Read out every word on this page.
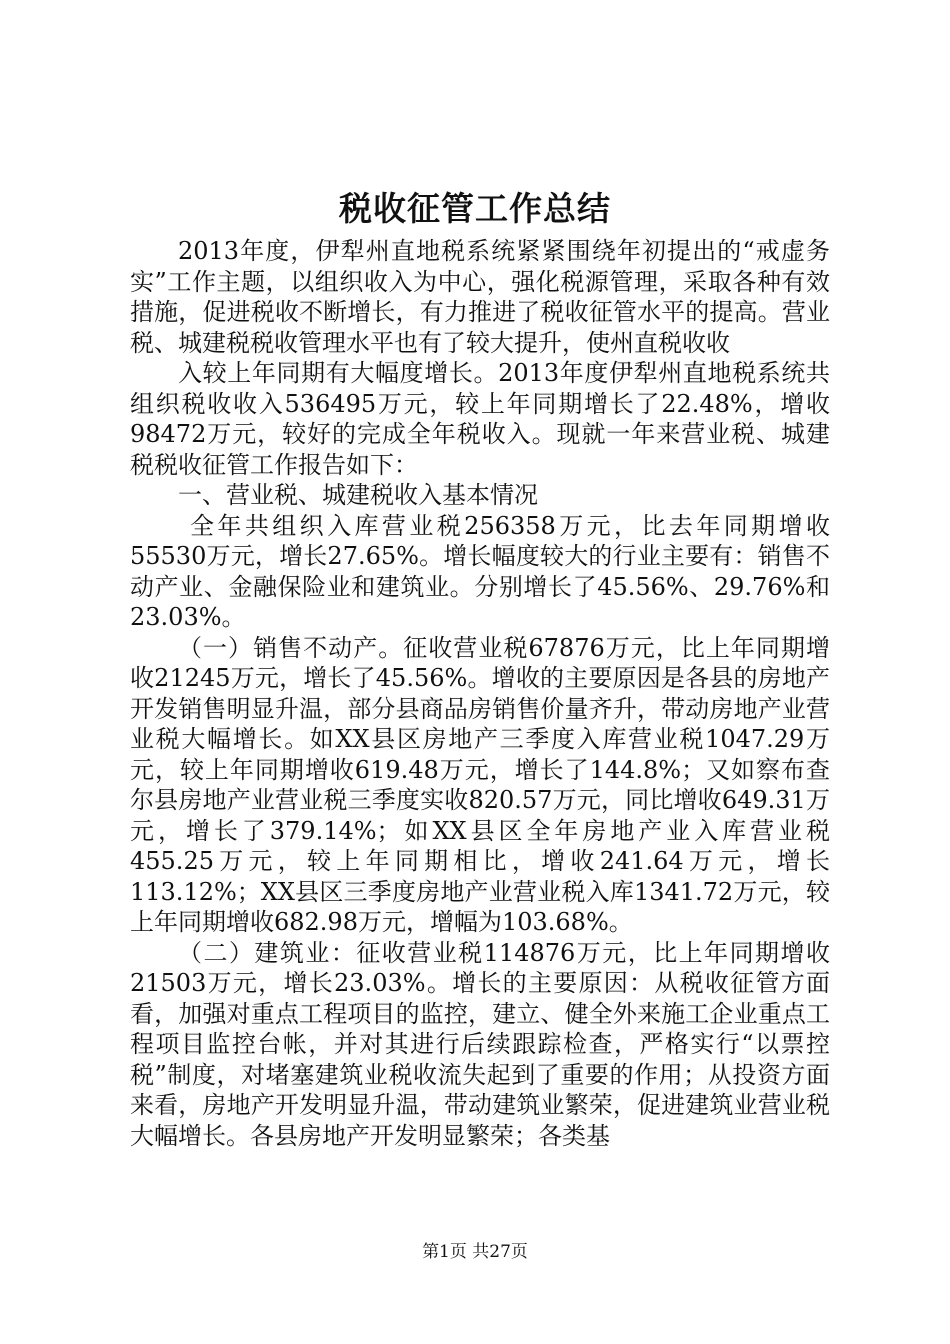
税收征管工作总结

2013年度，伊犁州直地税系统紧紧围绕年初提出的“戒虚务实”工作主题，以组织收入为中心，强化税源管理，采取各种有效措施，促进税收不断增长，有力推进了税收征管水平的提高。营业税、城建税税收管理水平也有了较大提升，使州直税收收

入较上年同期有大幅度增长。2013年度伊犁州直地税系统共组织税收收入536495万元，较上年同期增长了22.48%，增收98472万元，较好的完成全年税收入。现就一年来营业税、城建税税收征管工作报告如下：

一、营业税、城建税收入基本情况

全年共组织入库营业税256358万元，比去年同期增收55530万元，增长27.65%。增长幅度较大的行业主要有：销售不动产业、金融保险业和建筑业。分别增长了45.56%、29.76%和23.03%。

（一）销售不动产。征收营业税67876万元，比上年同期增收21245万元，增长了45.56%。增收的主要原因是各县的房地产开发销售明显升温，部分县商品房销售价量齐升，带动房地产业营业税大幅增长。如XX县区房地产三季度入库营业税1047.29万元，较上年同期增收619.48万元，增长了144.8%；又如察布查尔县房地产业营业税三季度实收820.57万元，同比增收649.31万元，增长了379.14%；如XX县区全年房地产业入库营业税455.25万元，较上年同期相比，增收241.64万元，增长113.12%；XX县区三季度房地产业营业税入库1341.72万元，较上年同期增收682.98万元，增幅为103.68%。

（二）建筑业：征收营业税114876万元，比上年同期增收21503万元，增长23.03%。增长的主要原因：从税收征管方面看，加强对重点工程项目的监控，建立、健全外来施工企业重点工程项目监控台帐，并对其进行后续跟踪检查，严格实行“以票控税”制度，对堵塞建筑业税收流失起到了重要的作用；从投资方面来看，房地产开发明显升温，带动建筑业繁荣，促进建筑业营业税大幅增长。各县房地产开发明显繁荣；各类基

第1页 共27页
